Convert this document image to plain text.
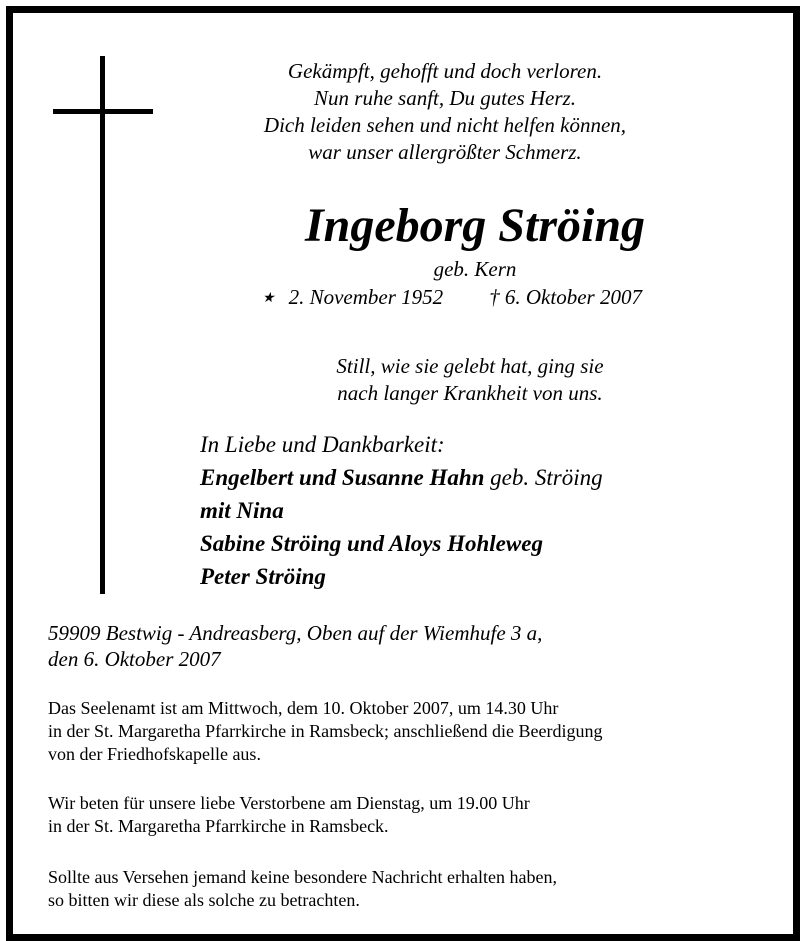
Gekämpft, gehofft und doch verloren.
Nun ruhe sanft, Du gutes Herz.
Dich leiden sehen und nicht helfen können,
war unser allergrößter Schmerz.
Ingeborg Ströing
geb. Kern
★ 2. November 1952 † 6. Oktober 2007
Still, wie sie gelebt hat, ging sie
nach langer Krankheit von uns.
In Liebe und Dankbarkeit:
Engelbert und Susanne Hahn geb. Ströing
mit Nina
Sabine Ströing und Aloys Hohleweg
Peter Ströing
59909 Bestwig - Andreasberg, Oben auf der Wiemhufe 3 a,
den 6. Oktober 2007
Das Seelenamt ist am Mittwoch, dem 10. Oktober 2007, um 14.30 Uhr
in der St. Margaretha Pfarrkirche in Ramsbeck; anschließend die Beerdigung
von der Friedhofskapelle aus.
Wir beten für unsere liebe Verstorbene am Dienstag, um 19.00 Uhr
in der St. Margaretha Pfarrkirche in Ramsbeck.
Sollte aus Versehen jemand keine besondere Nachricht erhalten haben,
so bitten wir diese als solche zu betrachten.
